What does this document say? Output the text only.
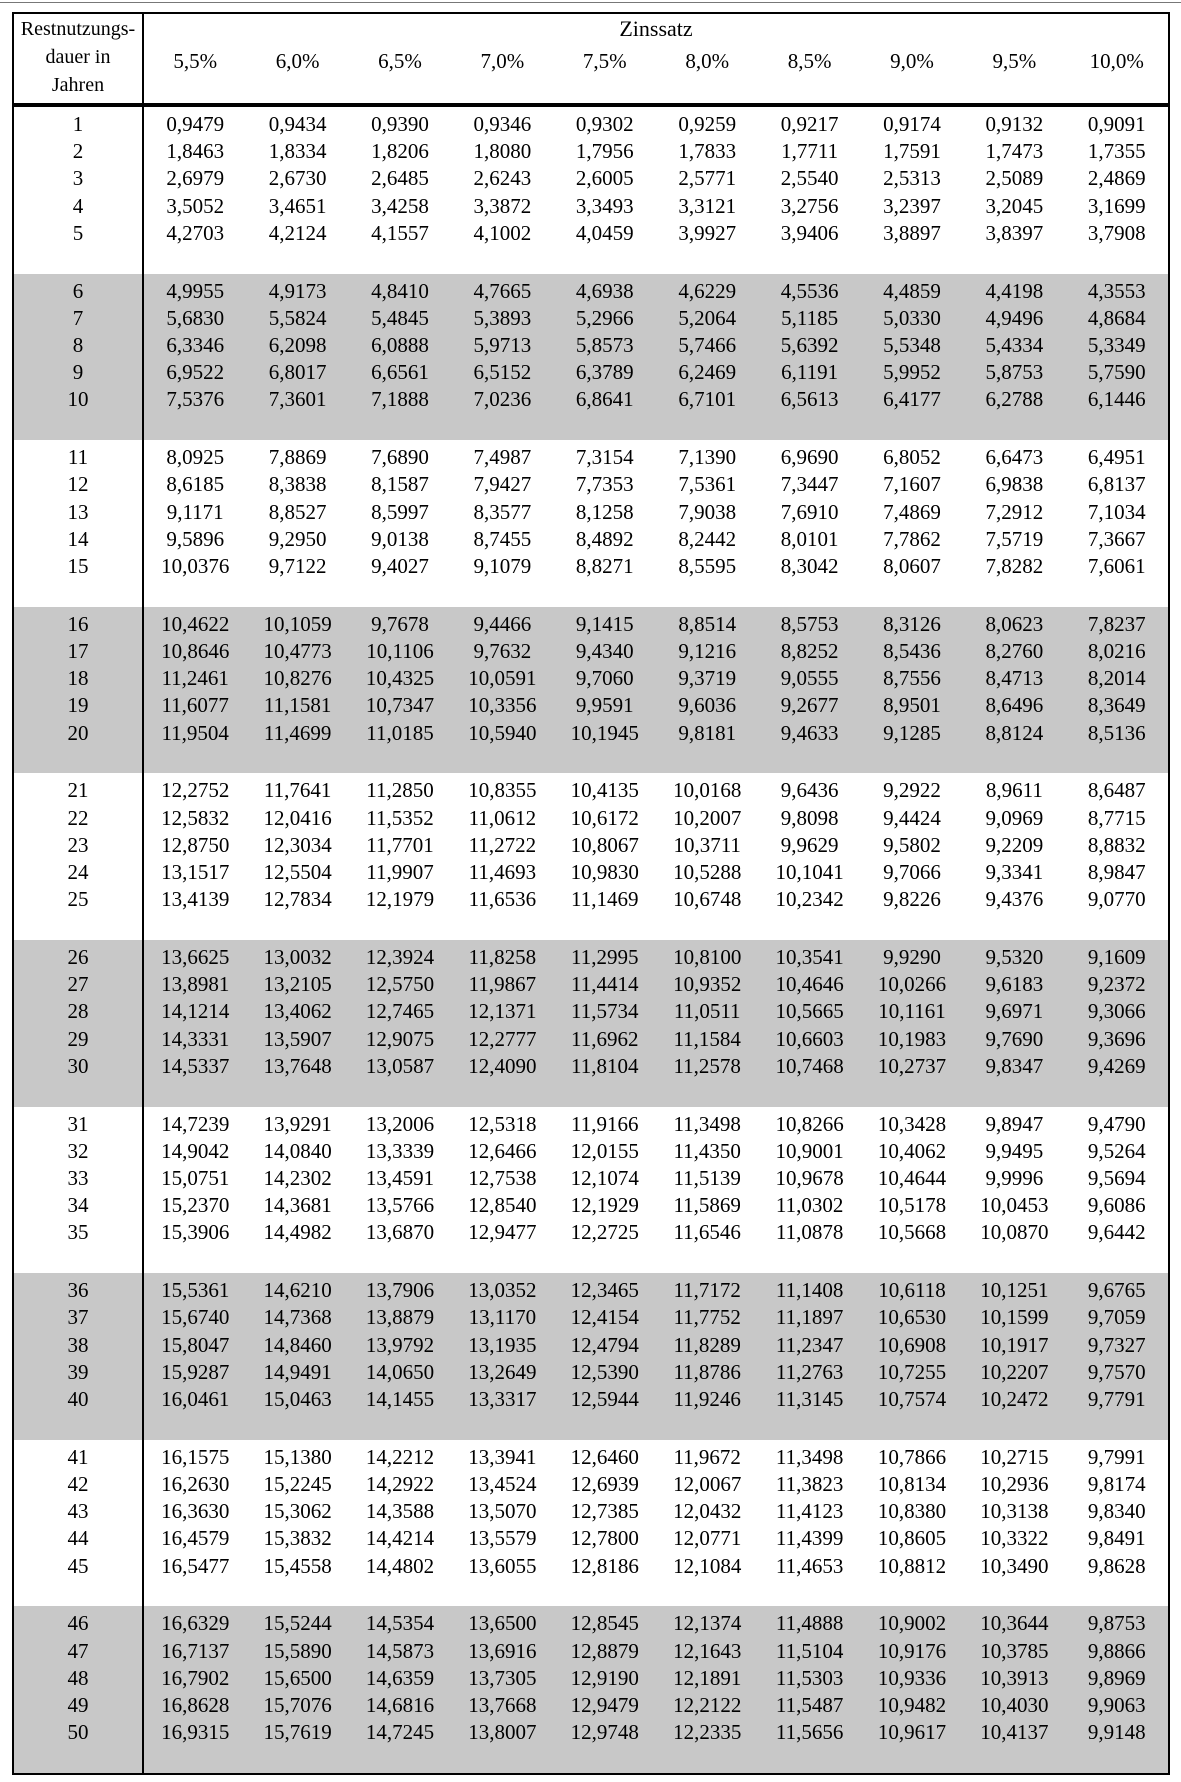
1	0,9479	0,9434	0,9390	0,9346	0,9302	0,9259	0,9217	0,9174	0,9132	0,9091
2	1,8463	1,8334	1,8206	1,8080	1,7956	1,7833	1,7711	1,7591	1,7473	1,7355
3	2,6979	2,6730	2,6485	2,6243	2,6005	2,5771	2,5540	2,5313	2,5089	2,4869
4	3,5052	3,4651	3,4258	3,3872	3,3493	3,3121	3,2756	3,2397	3,2045	3,1699
5	4,2703	4,2124	4,1557	4,1002	4,0459	3,9927	3,9406	3,8897	3,8397	3,7908
6	4,9955	4,9173	4,8410	4,7665	4,6938	4,6229	4,5536	4,4859	4,4198	4,3553
7	5,6830	5,5824	5,4845	5,3893	5,2966	5,2064	5,1185	5,0330	4,9496	4,8684
8	6,3346	6,2098	6,0888	5,9713	5,8573	5,7466	5,6392	5,5348	5,4334	5,3349
9	6,9522	6,8017	6,6561	6,5152	6,3789	6,2469	6,1191	5,9952	5,8753	5,7590
10	7,5376	7,3601	7,1888	7,0236	6,8641	6,7101	6,5613	6,4177	6,2788	6,1446
11	8,0925	7,8869	7,6890	7,4987	7,3154	7,1390	6,9690	6,8052	6,6473	6,4951
12	8,6185	8,3838	8,1587	7,9427	7,7353	7,5361	7,3447	7,1607	6,9838	6,8137
13	9,1171	8,8527	8,5997	8,3577	8,1258	7,9038	7,6910	7,4869	7,2912	7,1034
14	9,5896	9,2950	9,0138	8,7455	8,4892	8,2442	8,0101	7,7862	7,5719	7,3667
15	10,0376	9,7122	9,4027	9,1079	8,8271	8,5595	8,3042	8,0607	7,8282	7,6061
16	10,4622	10,1059	9,7678	9,4466	9,1415	8,8514	8,5753	8,3126	8,0623	7,8237
17	10,8646	10,4773	10,1106	9,7632	9,4340	9,1216	8,8252	8,5436	8,2760	8,0216
18	11,2461	10,8276	10,4325	10,0591	9,7060	9,3719	9,0555	8,7556	8,4713	8,2014
19	11,6077	11,1581	10,7347	10,3356	9,9591	9,6036	9,2677	8,9501	8,6496	8,3649
20	11,9504	11,4699	11,0185	10,5940	10,1945	9,8181	9,4633	9,1285	8,8124	8,5136
21	12,2752	11,7641	11,2850	10,8355	10,4135	10,0168	9,6436	9,2922	8,9611	8,6487
22	12,5832	12,0416	11,5352	11,0612	10,6172	10,2007	9,8098	9,4424	9,0969	8,7715
23	12,8750	12,3034	11,7701	11,2722	10,8067	10,3711	9,9629	9,5802	9,2209	8,8832
24	13,1517	12,5504	11,9907	11,4693	10,9830	10,5288	10,1041	9,7066	9,3341	8,9847
25	13,4139	12,7834	12,1979	11,6536	11,1469	10,6748	10,2342	9,8226	9,4376	9,0770
26	13,6625	13,0032	12,3924	11,8258	11,2995	10,8100	10,3541	9,9290	9,5320	9,1609
27	13,8981	13,2105	12,5750	11,9867	11,4414	10,9352	10,4646	10,0266	9,6183	9,2372
28	14,1214	13,4062	12,7465	12,1371	11,5734	11,0511	10,5665	10,1161	9,6971	9,3066
29	14,3331	13,5907	12,9075	12,2777	11,6962	11,1584	10,6603	10,1983	9,7690	9,3696
30	14,5337	13,7648	13,0587	12,4090	11,8104	11,2578	10,7468	10,2737	9,8347	9,4269
31	14,7239	13,9291	13,2006	12,5318	11,9166	11,3498	10,8266	10,3428	9,8947	9,4790
32	14,9042	14,0840	13,3339	12,6466	12,0155	11,4350	10,9001	10,4062	9,9495	9,5264
33	15,0751	14,2302	13,4591	12,7538	12,1074	11,5139	10,9678	10,4644	9,9996	9,5694
34	15,2370	14,3681	13,5766	12,8540	12,1929	11,5869	11,0302	10,5178	10,0453	9,6086
35	15,3906	14,4982	13,6870	12,9477	12,2725	11,6546	11,0878	10,5668	10,0870	9,6442
36	15,5361	14,6210	13,7906	13,0352	12,3465	11,7172	11,1408	10,6118	10,1251	9,6765
37	15,6740	14,7368	13,8879	13,1170	12,4154	11,7752	11,1897	10,6530	10,1599	9,7059
38	15,8047	14,8460	13,9792	13,1935	12,4794	11,8289	11,2347	10,6908	10,1917	9,7327
39	15,9287	14,9491	14,0650	13,2649	12,5390	11,8786	11,2763	10,7255	10,2207	9,7570
40	16,0461	15,0463	14,1455	13,3317	12,5944	11,9246	11,3145	10,7574	10,2472	9,7791
41	16,1575	15,1380	14,2212	13,3941	12,6460	11,9672	11,3498	10,7866	10,2715	9,7991
42	16,2630	15,2245	14,2922	13,4524	12,6939	12,0067	11,3823	10,8134	10,2936	9,8174
43	16,3630	15,3062	14,3588	13,5070	12,7385	12,0432	11,4123	10,8380	10,3138	9,8340
44	16,4579	15,3832	14,4214	13,5579	12,7800	12,0771	11,4399	10,8605	10,3322	9,8491
45	16,5477	15,4558	14,4802	13,6055	12,8186	12,1084	11,4653	10,8812	10,3490	9,8628
46	16,6329	15,5244	14,5354	13,6500	12,8545	12,1374	11,4888	10,9002	10,3644	9,8753
47	16,7137	15,5890	14,5873	13,6916	12,8879	12,1643	11,5104	10,9176	10,3785	9,8866
48	16,7902	15,6500	14,6359	13,7305	12,9190	12,1891	11,5303	10,9336	10,3913	9,8969
49	16,8628	15,7076	14,6816	13,7668	12,9479	12,2122	11,5487	10,9482	10,4030	9,9063
50	16,9315	15,7619	14,7245	13,8007	12,9748	12,2335	11,5656	10,9617	10,4137	9,9148
Restnutzungs-
dauer in
Jahren
Zinssatz
5,5%	6,0%	6,5%	7,0%	7,5%	8,0%	8,5%	9,0%	9,5%	10,0%
